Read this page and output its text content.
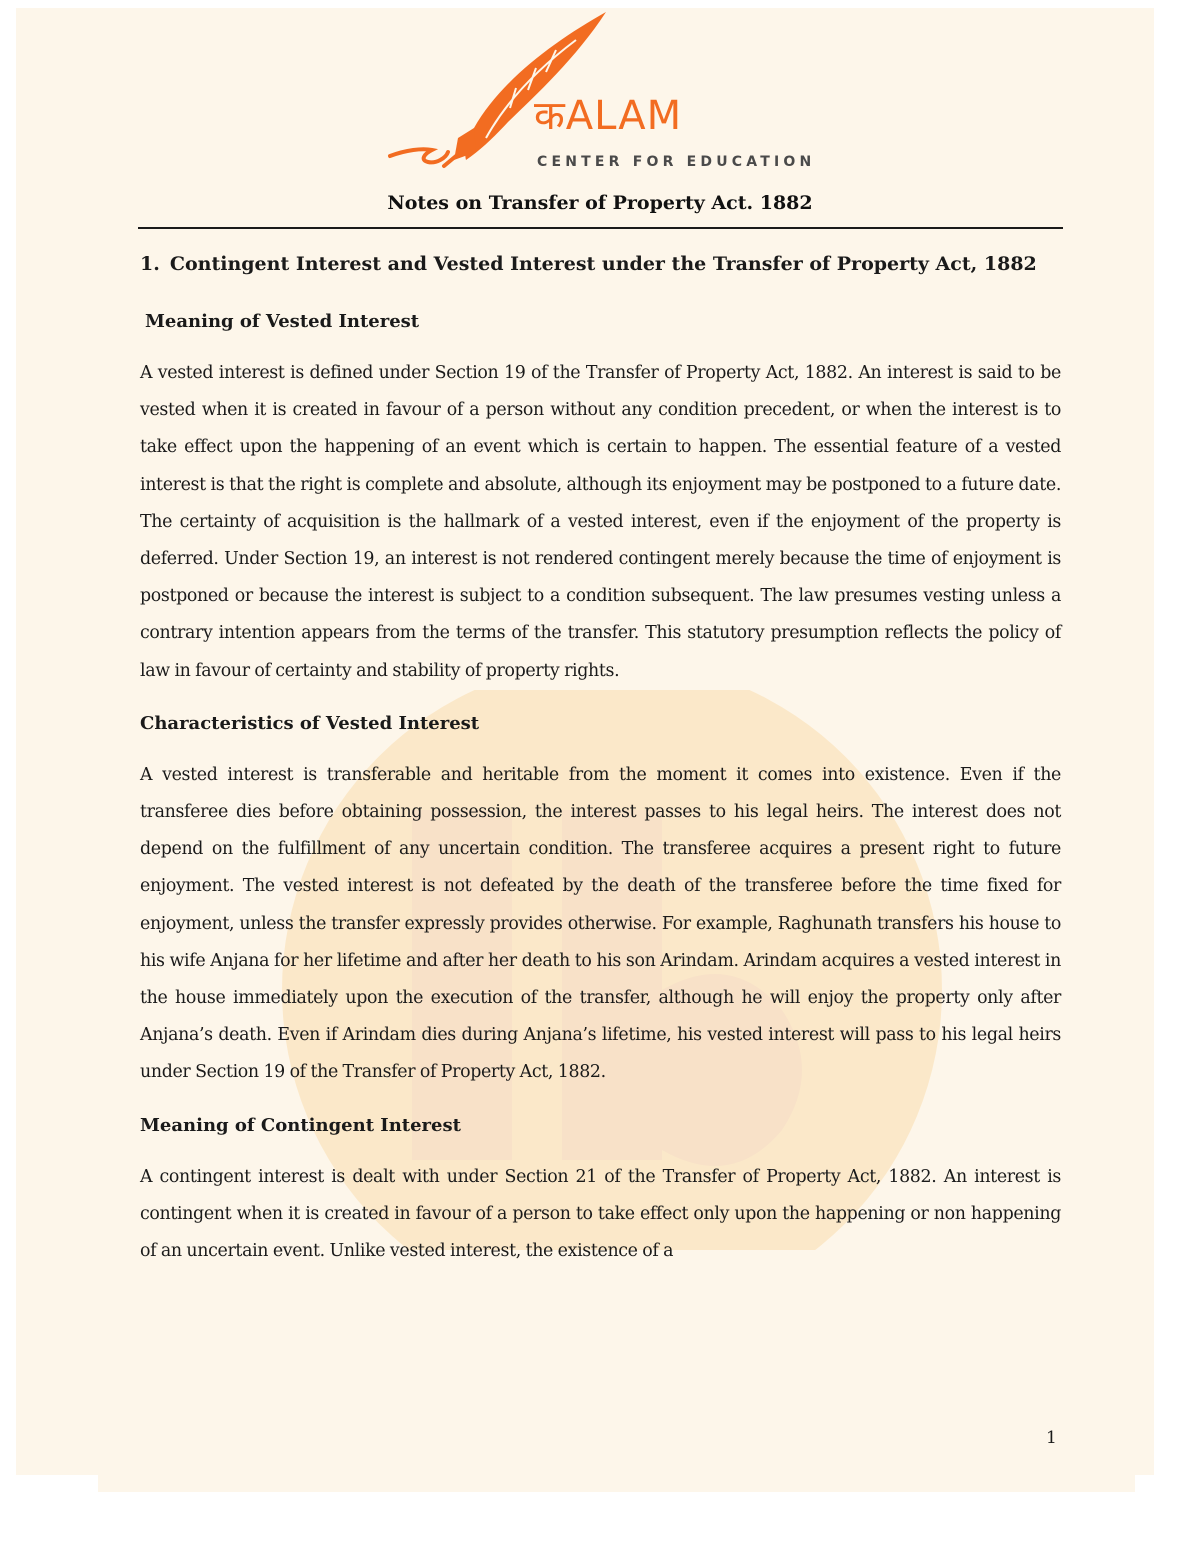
कALAM
CENTER FOR EDUCATION
Notes on Transfer of Property Act. 1882
1. Contingent Interest and Vested Interest under the Transfer of Property Act, 1882
Meaning of Vested Interest

A vested interest is defined under Section 19 of the Transfer of Property Act, 1882. An interest is said to be vested when it is created in favour of a person without any condition precedent, or when the interest is to take effect upon the happening of an event which is certain to happen. The essential feature of a vested interest is that the right is complete and absolute, although its enjoyment may be postponed to a future date. The certainty of acquisition is the hallmark of a vested interest, even if the enjoyment of the property is deferred. Under Section 19, an interest is not rendered contingent merely because the time of enjoyment is postponed or because the interest is subject to a condition subsequent. The law presumes vesting unless a contrary intention appears from the terms of the transfer. This statutory presumption reflects the policy of law in favour of certainty and stability of property rights.

Characteristics of Vested Interest

A vested interest is transferable and heritable from the moment it comes into existence. Even if the transferee dies before obtaining possession, the interest passes to his legal heirs. The interest does not depend on the fulfillment of any uncertain condition. The transferee acquires a present right to future enjoyment. The vested interest is not defeated by the death of the transferee before the time fixed for enjoyment, unless the transfer expressly provides otherwise. For example, Raghunath transfers his house to his wife Anjana for her lifetime and after her death to his son Arindam. Arindam acquires a vested interest in the house immediately upon the execution of the transfer, although he will enjoy the property only after Anjana’s death. Even if Arindam dies during Anjana’s lifetime, his vested interest will pass to his legal heirs under Section 19 of the Transfer of Property Act, 1882.

Meaning of Contingent Interest

A contingent interest is dealt with under Section 21 of the Transfer of Property Act, 1882. An interest is contingent when it is created in favour of a person to take effect only upon the happening or non happening of an uncertain event. Unlike vested interest, the existence of a

1
